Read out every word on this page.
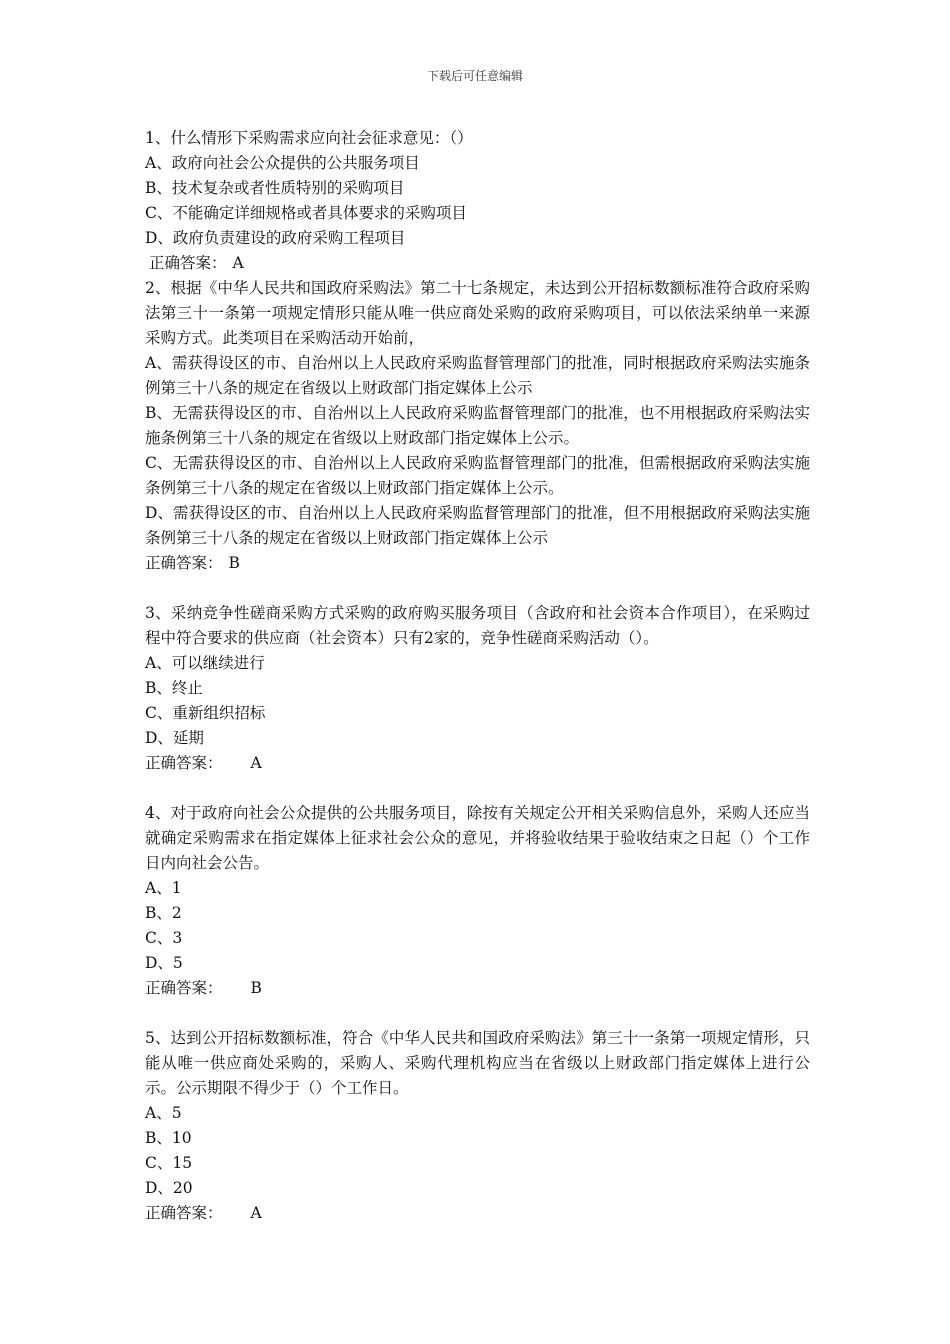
下载后可任意编辑
1、什么情形下采购需求应向社会征求意见：（）
A、政府向社会公众提供的公共服务项目
B、技术复杂或者性质特别的采购项目
C、不能确定详细规格或者具体要求的采购项目
D、政府负责建设的政府采购工程项目
正确答案： A
2、根据《中华人民共和国政府采购法》第二十七条规定，未达到公开招标数额标准符合政府采购法第三十一条第一项规定情形只能从唯一供应商处采购的政府采购项目，可以依法采纳单一来源采购方式。此类项目在采购活动开始前，
A、需获得设区的市、自治州以上人民政府采购监督管理部门的批准，同时根据政府采购法实施条例第三十八条的规定在省级以上财政部门指定媒体上公示
B、无需获得设区的市、自治州以上人民政府采购监督管理部门的批准，也不用根据政府采购法实施条例第三十八条的规定在省级以上财政部门指定媒体上公示。
C、无需获得设区的市、自治州以上人民政府采购监督管理部门的批准，但需根据政府采购法实施条例第三十八条的规定在省级以上财政部门指定媒体上公示。
D、需获得设区的市、自治州以上人民政府采购监督管理部门的批准，但不用根据政府采购法实施条例第三十八条的规定在省级以上财政部门指定媒体上公示
正确答案： B
3、采纳竞争性磋商采购方式采购的政府购买服务项目（含政府和社会资本合作项目），在采购过程中符合要求的供应商（社会资本）只有2家的，竞争性磋商采购活动（）。
A、可以继续进行
B、终止
C、重新组织招标
D、延期
正确答案： A
4、对于政府向社会公众提供的公共服务项目，除按有关规定公开相关采购信息外，采购人还应当就确定采购需求在指定媒体上征求社会公众的意见，并将验收结果于验收结束之日起（）个工作日内向社会公告。
A、1
B、2
C、3
D、5
正确答案： B
5、达到公开招标数额标准，符合《中华人民共和国政府采购法》第三十一条第一项规定情形，只能从唯一供应商处采购的，采购人、采购代理机构应当在省级以上财政部门指定媒体上进行公示。公示期限不得少于（）个工作日。
A、5
B、10
C、15
D、20
正确答案： A
